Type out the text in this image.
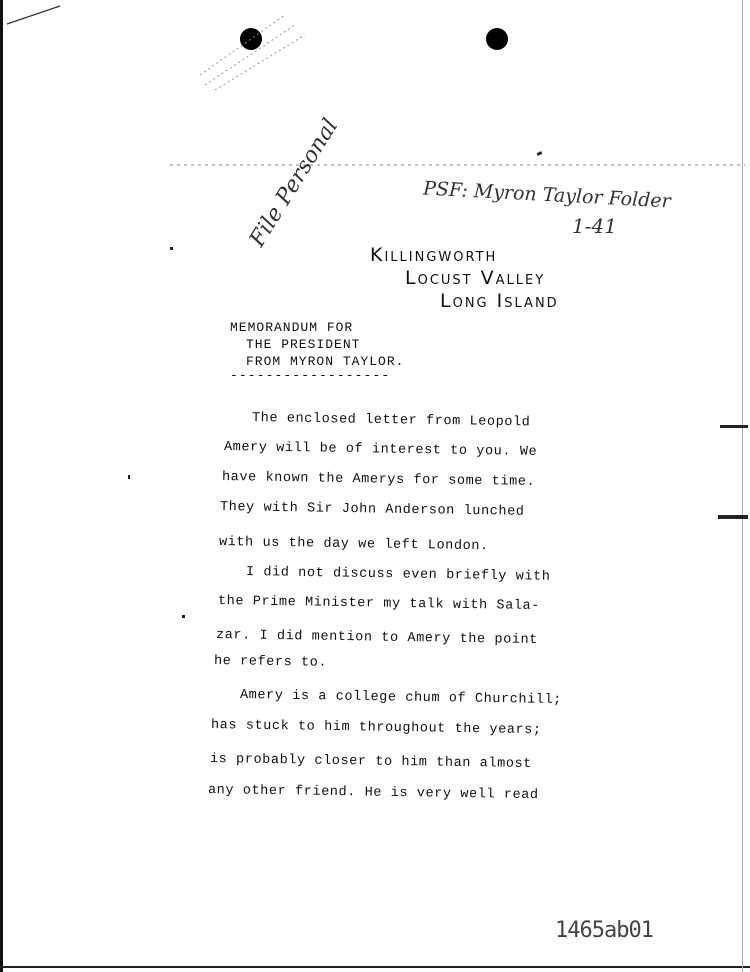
PSF: Myron Taylor Folder
1-41
File Personal
Killingworth
Locust Valley
Long Island
MEMORANDUM FOR
THE PRESIDENT
FROM MYRON TAYLOR.
------------------
The enclosed letter from Leopold
Amery will be of interest to you. We
have known the Amerys for some time.
They with Sir John Anderson lunched
with us the day we left London.
I did not discuss even briefly with
the Prime Minister my talk with Sala-
zar. I did mention to Amery the point
he refers to.
Amery is a college chum of Churchill;
has stuck to him throughout the years;
is probably closer to him than almost
any other friend. He is very well read
1465ab01
